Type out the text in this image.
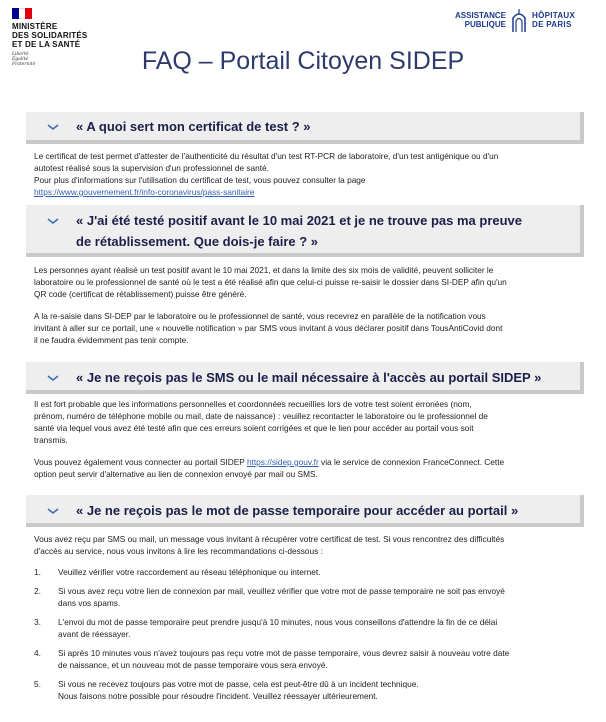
MINISTÈRE
DES SOLIDARITÉS
ET DE LA SANTÉ
Liberté
Égalité
Fraternité
ASSISTANCE
PUBLIQUE
HÔPITAUX
DE PARIS
FAQ – Portail Citoyen SIDEP
« A quoi sert mon certificat de test ? »
Le certificat de test permet d'attester de l'authenticité du résultat d'un test RT-PCR de laboratoire, d'un test antigénique ou d'un
autotest réalisé sous la supervision d'un professionnel de santé.
Pour plus d'informations sur l'utilisation du certificat de test, vous pouvez consulter la page
https://www.gouvernement.fr/info-coronavirus/pass-sanitaire
« J'ai été testé positif avant le 10 mai 2021 et je ne trouve pas ma preuve
de rétablissement. Que dois-je faire ? »
Les personnes ayant réalisé un test positif avant le 10 mai 2021, et dans la limite des six mois de validité, peuvent solliciter le
laboratoire ou le professionnel de santé où le test a été réalisé afin que celui-ci puisse re-saisir le dossier dans SI-DEP afin qu'un
QR code (certificat de rétablissement) puisse être généré.
A la re-saisie dans SI-DEP par le laboratoire ou le professionnel de santé, vous recevrez en parallèle de la notification vous
invitant à aller sur ce portail, une « nouvelle notification » par SMS vous invitant à vous déclarer positif dans TousAntiCovid dont
il ne faudra évidemment pas tenir compte.
« Je ne reçois pas le SMS ou le mail nécessaire à l'accès au portail SIDEP »
Il est fort probable que les informations personnelles et coordonnées recueillies lors de votre test soient erronées (nom,
prénom, numéro de téléphone mobile ou mail, date de naissance) : veuillez recontacter le laboratoire ou le professionnel de
santé via lequel vous avez été testé afin que ces erreurs soient corrigées et que le lien pour accéder au portail vous soit
transmis.
Vous pouvez également vous connecter au portail SIDEP https://sidep.gouv.fr via le service de connexion FranceConnect. Cette
option peut servir d'alternative au lien de connexion envoyé par mail ou SMS.
« Je ne reçois pas le mot de passe temporaire pour accéder au portail »
Vous avez reçu par SMS ou mail, un message vous invitant à récupérer votre certificat de test. Si vous rencontrez des difficultés
d'accès au service, nous vous invitons à lire les recommandations ci-dessous :
1. Veuillez vérifier votre raccordement au réseau téléphonique ou internet.
2. Si vous avez reçu votre lien de connexion par mail, veuillez vérifier que votre mot de passe temporaire ne soit pas envoyé
dans vos spams.
3. L'envoi du mot de passe temporaire peut prendre jusqu'à 10 minutes, nous vous conseillons d'attendre la fin de ce délai
avant de réessayer.
4. Si après 10 minutes vous n'avez toujours pas reçu votre mot de passe temporaire, vous devrez saisir à nouveau votre date
de naissance, et un nouveau mot de passe temporaire vous sera envoyé.
5. Si vous ne recevez toujours pas votre mot de passe, cela est peut-être dû à un incident technique.
Nous faisons notre possible pour résoudre l'incident. Veuillez réessayer ultérieurement.
